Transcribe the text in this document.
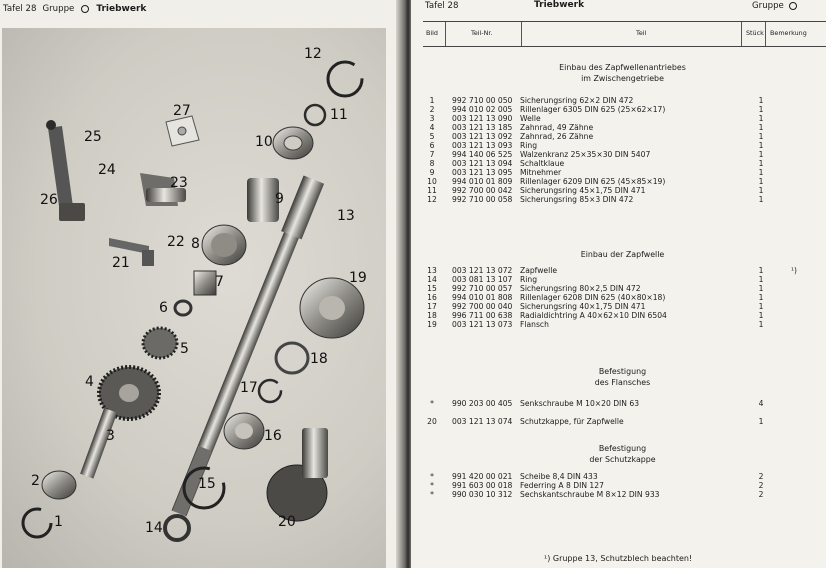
Tafel 28 Gruppe Triebwerk
12
11
27
25
24
10
23
26	9
13
22 8
21
7	19
6
5
18
4	17
3	16
2	15
1	14	20
Tafel 28	Triebwerk	Gruppe
Bild	Teil-Nr.	Teil	Stück Bemerkung
Einbau des Zapfwellenantriebes
im Zwischengetriebe
Einbau der Zapfwelle
Befestigung
des Flansches
Befestigung
der Schutzkappe
1	992 710 00 050 Sicherungsring 62×2 DIN 472	1
2	994 010 02 005 Rillenlager 6305 DIN 625 (25×62×17)	1
3	003 121 13 090 Welle	1
4	003 121 13 185 Zahnrad, 49 Zähne	1
5	003 121 13 092 Zahnrad, 26 Zähne	1
6	003 121 13 093 Ring	1
7	994 140 06 525 Walzenkranz 25×35×30 DIN 5407	1
8	003 121 13 094 Schaltklaue	1
9	003 121 13 095 Mitnehmer	1
10	994 010 01 809 Rillenlager 6209 DIN 625 (45×85×19)	1
11	992 700 00 042 Sicherungsring 45×1,75 DIN 471	1
12	992 710 00 058 Sicherungsring 85×3 DIN 472	1
13	003 121 13 072 Zapfwelle	1	¹)
14	003 081 13 107 Ring	1
15	992 710 00 057 Sicherungsring 80×2,5 DIN 472	1
16	994 010 01 808 Rillenlager 6208 DIN 625 (40×80×18)	1
17	992 700 00 040 Sicherungsring 40×1,75 DIN 471	1
18	996 711 00 638 Radialdichtring A 40×62×10 DIN 6504	1
19	003 121 13 073 Flansch	1
*	990 203 00 405 Senkschraube M 10×20 DIN 63	4
20	003 121 13 074 Schutzkappe, für Zapfwelle	1
*	991 420 00 021 Scheibe 8,4 DIN 433	2
*	991 603 00 018 Federring A 8 DIN 127	2
*	990 030 10 312 Sechskantschraube M 8×12 DIN 933	2
¹) Gruppe 13, Schutzblech beachten!
